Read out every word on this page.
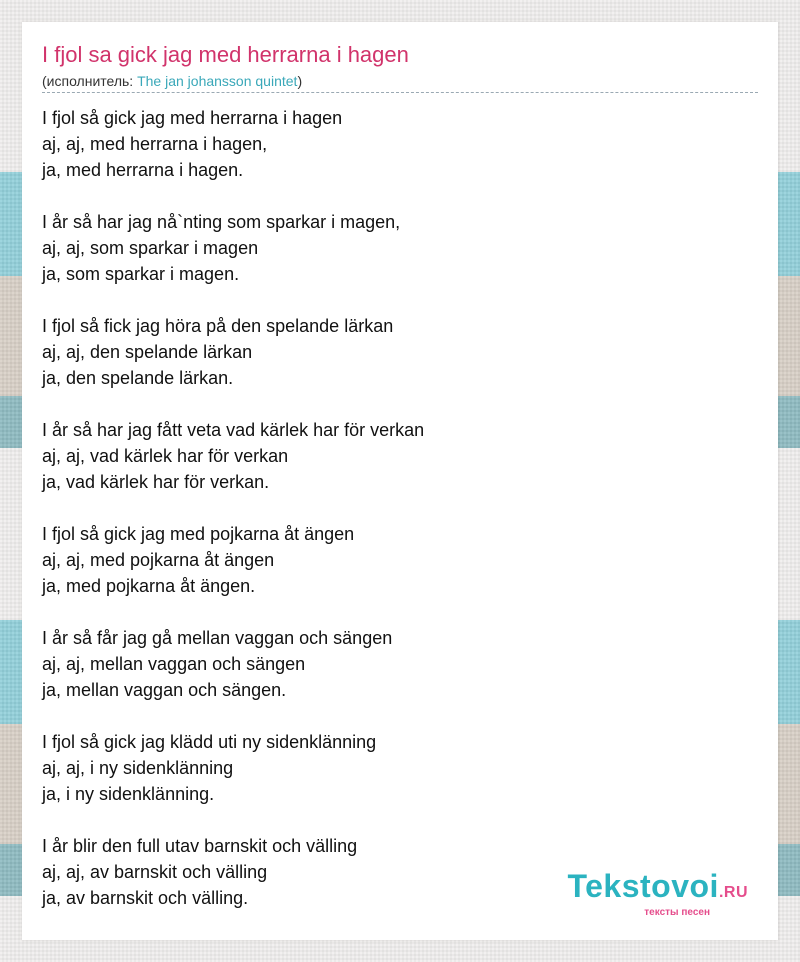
I fjol sa gick jag med herrarna i hagen
(исполнитель: The jan johansson quintet)
I fjol så gick jag med herrarna i hagen
aj, aj, med herrarna i hagen,
ja, med herrarna i hagen.
I år så har jag nå`nting som sparkar i magen,
aj, aj, som sparkar i magen
ja, som sparkar i magen.
I fjol så fick jag höra på den spelande lärkan
aj, aj, den spelande lärkan
ja, den spelande lärkan.
I år så har jag fått veta vad kärlek har för verkan
aj, aj, vad kärlek har för verkan
ja, vad kärlek har för verkan.
I fjol så gick jag med pojkarna åt ängen
aj, aj, med pojkarna åt ängen
ja, med pojkarna åt ängen.
I år så får jag gå mellan vaggan och sängen
aj, aj, mellan vaggan och sängen
ja, mellan vaggan och sängen.
I fjol så gick jag klädd uti ny sidenklänning
aj, aj, i ny sidenklänning
ja, i ny sidenklänning.
I år blir den full utav barnskit och välling
aj, aj, av barnskit och välling
ja, av barnskit och välling.	Tekstovoi.RU
тексты песен
